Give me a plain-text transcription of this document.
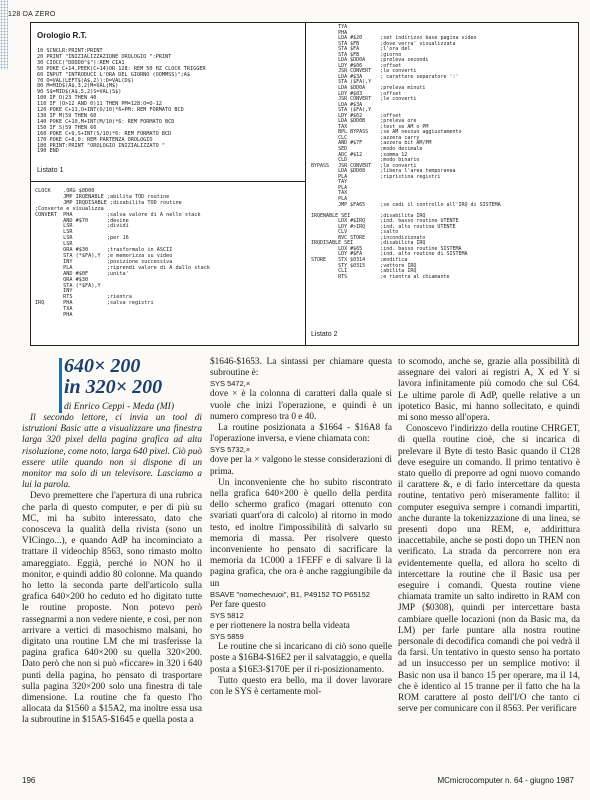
128 DA ZERO
Orologio R.T.
10 SCNCLR:PRINT:PRINT
20 PRINT "INIZIALIZZAZIONE OROLOGIO ":PRINT
30 CIOCC("DDDD0"$"):REM CIA1
50 POKE C+14,PEEK(C+14)OR 128: REM 50 HZ CLOCK TRIGGER
60 INPUT "INTRODUCI L'ORA DEL GIORNO (OOMMSS)";A$
70 O=VAL(LEFT$(A$,2)):D=VAL(D$)
80 M=MID$(A$,3,2)M=VAL(M$)
90 S$=MID$(A$,5,2)S=VAL(S$)
100 IF O(23 THEN 40
110 IF (O>12 AND 0)11 THEN PM=128:O=O-12
120 POKE C+11,O+INT(O/10)*6+PM: REM FORMATO BCD
130 IF M)59 THEN 60
140 POKE C+10,M+INT(M/10)*6: REM FORMATO BCD
150 IF S)59 THEN 60
160 POKE C+9,S+INT(S/10)*6: REM FORMATO BCD
170 POKE C+8,0: REM PARTENZA OROLOGIO
180 PRINT:PRINT "OROLOGIO INIZIALIZZATO "
190 END
Listato 1
CLOCK    .ORG $0D00
JMP IRQENABLE ;abilita TOD routine
JMP IRQDISABLE ;disabilita TOD routine
;Converte e visualizza
CONVERT  PHA           ;salva valore di A nello stack
AND #$70      ;desine
LSR           ;dividi
LSR
LSR           ;per 16
LSR
ORA #$30      ;trasformalo in ASCII
STA (*$FA),Y  ;e memorizza su video
INY           ;posizione successiva
PLA           ;riprendi valore di A dallo stack
AND #$0F      ;unita'
ORA #$30
STA (*$FA),Y
INY
RTS           ;rientra
IRQ      PHA           ;salva registri
TXA
PHA
TYA
PHA
LDA #$20      ;set indirizzo base pagina video
STA $FB       ;dove verra' visualizzata
STA $FA       ;l'ora del
STA $FB       ;giorno
LDA $DD0A     ;preleva secondi
LDY #$06      ;offset
JSR CONVERT   ;le converti
LDA #$3A      ; carattere separatore ':'
STA ($FA),Y
LDA $DD0A     ;preleva minuti
LDY #$03      ;offset
JSR CONVERT   ;le converti
LDA #$3A
STA ($FA),Y
LDY #$02      ;offset
LDA $DD0B     ;preleva ore
TAX           ;test se AM o PM
BPL BYPASS    ;se AM nessun aggiustamento
CLC           ;azzera carry
AND #$7F      ;azzera bit AM/PM
SED           ;modo decimale
ADC #$12      ;somma 12
CLD           ;modo binario
BYPASS   JSR CONVERT   ;le converti
LDA $DD08     ;libera l'area temporanea
PLA           ;ripristina registri
TAY
PLA
TAX
PLA
JMP $FA65     ;se cedi il controllo all'IRQ di SISTEMA

IRQENABLE SEI          ;disabilita IRQ
LDX #$IRQ     ;ind. basso routine UTENTE
LDY #>IRQ     ;ind. alto routine UTENTE
CLV           ;salto
BVC STORE     ;incondizionato
IRQDISABLE SEI         ;disabilita IRQ
LDX #$65      ;ind. basso routine SISTEMA
LDY #$FA      ;ind. alto routine di SISTEMA
STORE    STX $0314     ;modifica
STY $0315     ;vettore IRQ
CLI           ;abilita IRQ
RTS           ;e rientra al chiamante
Listato 2
640× 200
in 320× 200
di Enrico Ceppi - Meda (MI)

Il secondo lettore, ci invia un tool di istruzioni Basic atte a visualizzare una finestra larga 320 pixel della pagina grafica ad alta risoluzione, come noto, larga 640 pixel. Ciò può essere utile quando non si dispone di un monitor ma solo di un televisore. Lasciamo a lui la parola.

Devo premettere che l'apertura di una rubrica che parla di questo computer, e per di più su MC, mi ha subito interessato, dato che conosceva la qualità della rivista (sono un VICingo...), e quando AdP ha incominciato a trattare il videochip 8563, sono rimasto molto amareggiato. Eggià, perché io NON ho il monitor, e quindi addio 80 colonne. Ma quando ho letto la seconda parte dell'articolo sulla grafica 640×200 ho ceduto ed ho digitato tutte le routine proposte. Non potevo però rassegnarmi a non vedere niente, e così, per non arrivare a vertici di masochismo malsani, ho digitato una routine LM che mi trasferisse la pagina grafica 640×200 su quella 320×200. Dato però che non si può «ficcare» in 320 i 640 punti della pagina, ho pensato di trasportare sulla pagina 320×200 solo una finestra di tale dimensione. La routine che fa questo l'ho allocata da $1560 a $15A2, ma inoltre essa usa la subroutine in $15A5-$1645 e quella posta a

$1646-$1653. La sintassi per chiamare questa subroutine è:

SYS 5472,×

dove × è la colonna di caratteri dalla quale si vuole che inizi l'operazione, e quindi è un numero compreso tra 0 e 40.

La routine posizionata a $1664 - $16A8 fa l'operazione inversa, e viene chiamata con:

SYS 5732,×

dove per la × valgono le stesse considerazioni di prima.

Un inconveniente che ho subito riscontrato nella grafica 640×200 è quello della perdita dello schermo grafico (magari ottenuto con svariati quart'ora di calcolo) al ritorno in modo testo, ed inoltre l'impossibilità di salvarlo su memoria di massa. Per risolvere questo inconveniente ho pensato di sacrificare la memoria da 1C000 a 1FEFF e di salvare lì la pagina grafica, che ora è anche raggiungibile da un

BSAVE "nomechevuoi", B1, P49152 TO P65152

Per fare questo

SYS 5812

e per riottenere la nostra bella videata

SYS 5859

Le routine che si incaricano di ciò sono quelle poste a $16B4-$16E2 per il salvataggio, e quella posta a $16E3-$170E per il ri-posizionamento.

Tutto questo era bello, ma il dover lavorare con le SYS è certamente mol-

to scomodo, anche se, grazie alla possibilità di assegnare dei valori ai registri A, X ed Y si lavora infinitamente più comodo che sul C64. Le ultime parole di AdP, quelle relative a un ipotetico Basic, mi hanno sollecitato, e quindi mi sono messo all'opera.

Conoscevo l'indirizzo della routine CHRGET, di quella routine cioè, che si incarica di prelevare il Byte di testo Basic quando il C128 deve eseguire un comando. Il primo tentativo è stato quello di preporre ad ogni nuovo comando il carattere &, e di farlo intercettare da questa routine, tentativo però miseramente fallito: il computer eseguiva sempre i comandi impartiti, anche durante la tokenizzazione di una linea, se presenti dopo una REM, e, addirittura inaccettabile, anche se posti dopo un THEN non verificato. La strada da percorrere non era evidentemente quella, ed allora ho scelto di intercettare la routine che il Basic usa per eseguire i comandi. Questa routine viene chiamata tramite un salto indiretto in RAM con JMP ($0308), quindi per intercettare basta cambiare quelle locazioni (non da Basic ma, da LM) per farle puntare alla nostra routine personale di decodifica comandi che poi vedrà il da farsi. Un tentativo in questo senso ha portato ad un insuccesso per un semplice motivo: il Basic non usa il banco 15 per operare, ma il 14, che è identico al 15 tranne per il fatto che ha la ROM carattere al posto dell'I/O che tanto ci serve per comunicare con il 8563. Per verificare

196	MCmicrocomputer n. 64 - giugno 1987
